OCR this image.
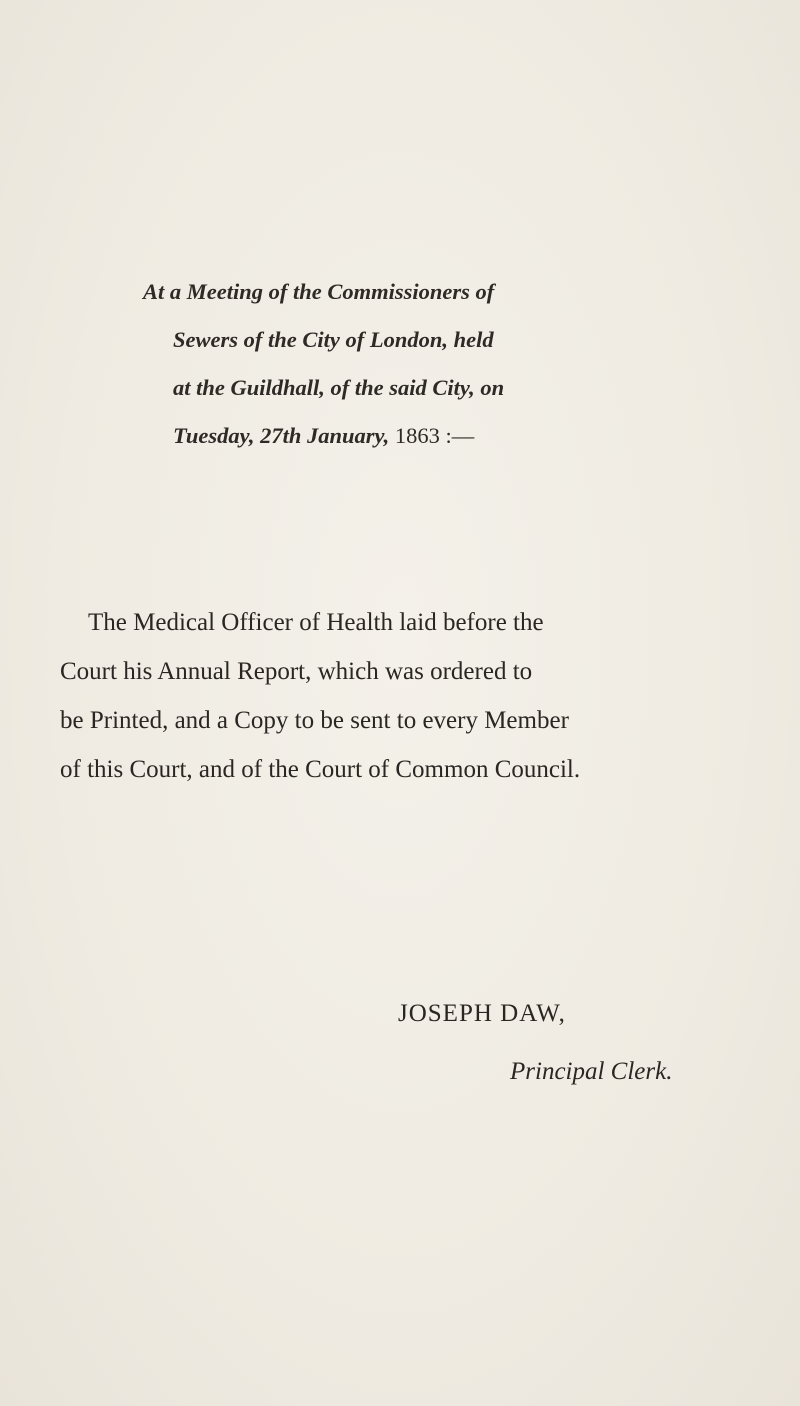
At a Meeting of the Commissioners of
Sewers of the City of London, held
at the Guildhall, of the said City, on
Tuesday, 27th January, 1863 :—
The Medical Officer of Health laid before the
Court his Annual Report, which was ordered to
be Printed, and a Copy to be sent to every Member
of this Court, and of the Court of Common Council.
JOSEPH DAW,
Principal Clerk.
